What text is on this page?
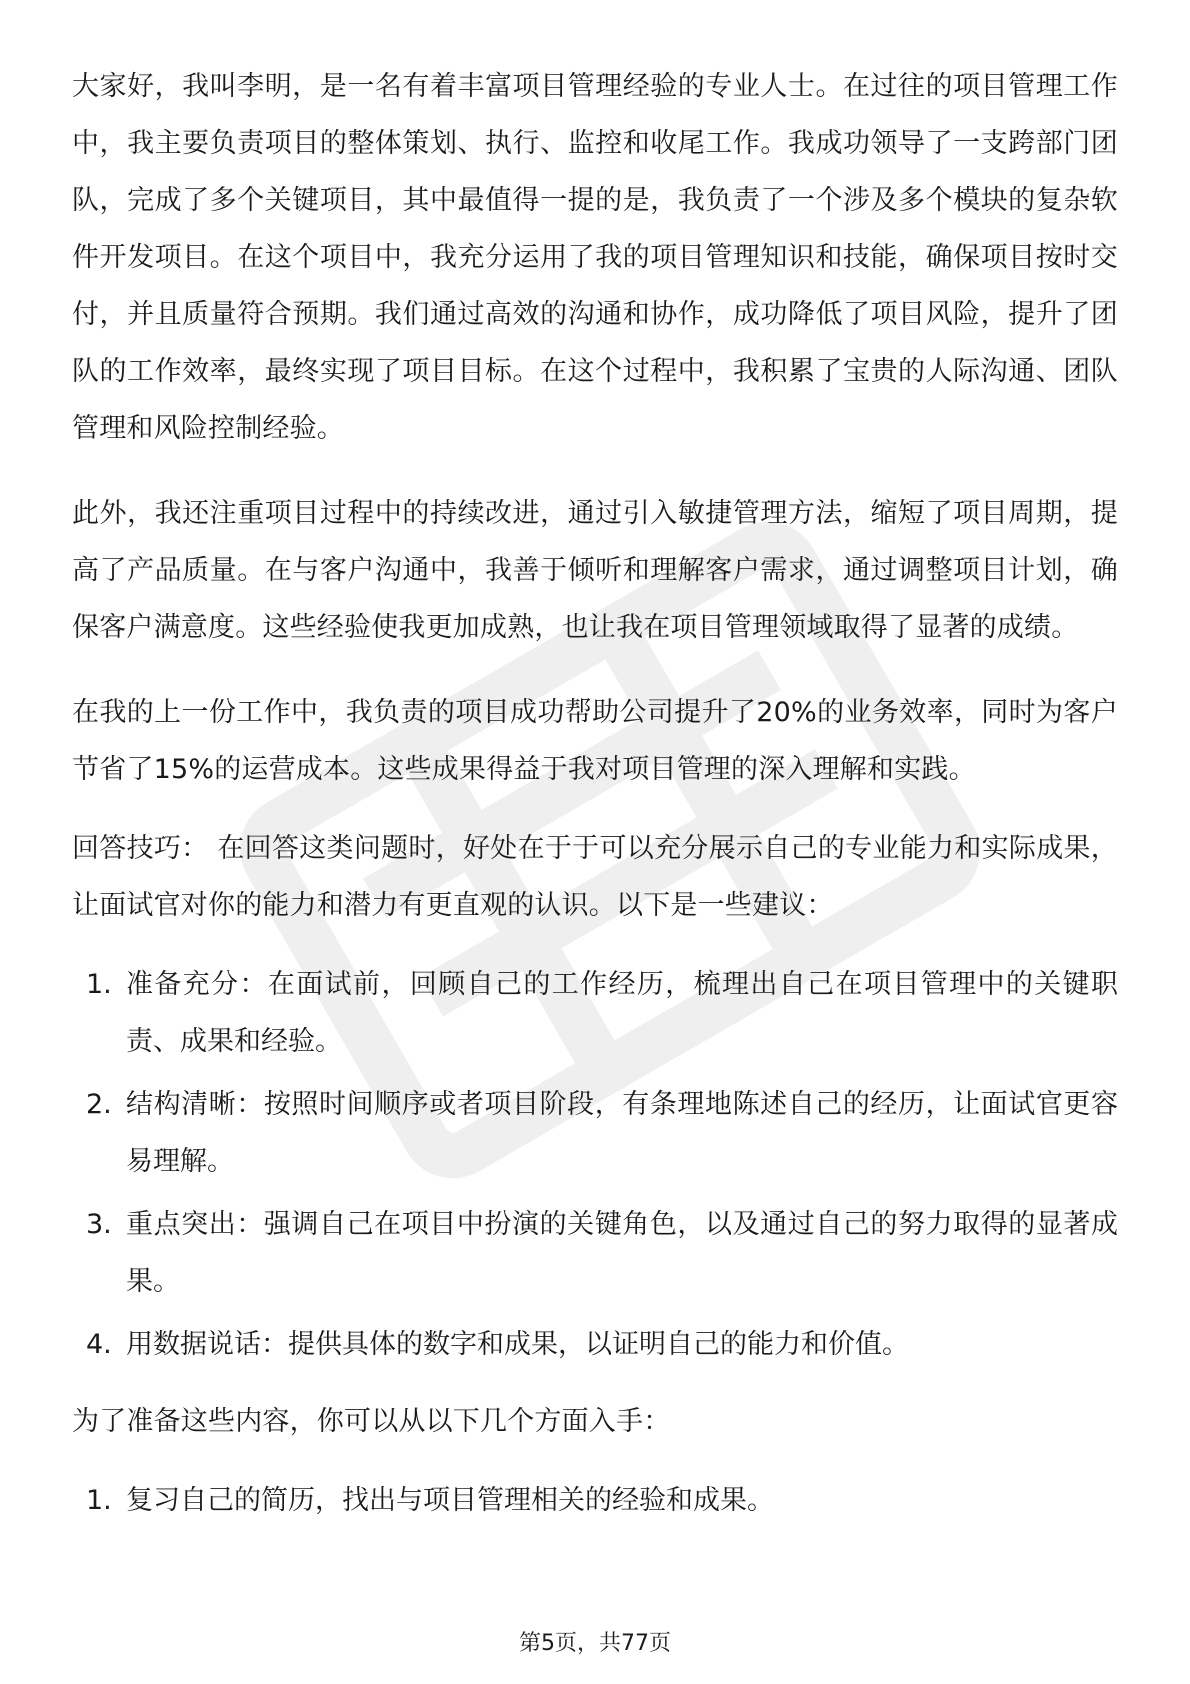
大家好，我叫李明，是一名有着丰富项目管理经验的专业人士。在过往的项目管理工作中，我主要负责项目的整体策划、执行、监控和收尾工作。我成功领导了一支跨部门团队，完成了多个关键项目，其中最值得一提的是，我负责了一个涉及多个模块的复杂软件开发项目。在这个项目中，我充分运用了我的项目管理知识和技能，确保项目按时交付，并且质量符合预期。我们通过高效的沟通和协作，成功降低了项目风险，提升了团队的工作效率，最终实现了项目目标。在这个过程中，我积累了宝贵的人际沟通、团队管理和风险控制经验。

此外，我还注重项目过程中的持续改进，通过引入敏捷管理方法，缩短了项目周期，提高了产品质量。在与客户沟通中，我善于倾听和理解客户需求，通过调整项目计划，确保客户满意度。这些经验使我更加成熟，也让我在项目管理领域取得了显著的成绩。

在我的上一份工作中，我负责的项目成功帮助公司提升了20%的业务效率，同时为客户节省了15%的运营成本。这些成果得益于我对项目管理的深入理解和实践。

回答技巧： 在回答这类问题时，好处在于于可以充分展示自己的专业能力和实际成果，让面试官对你的能力和潜力有更直观的认识。以下是一些建议：

1. 准备充分：在面试前，回顾自己的工作经历，梳理出自己在项目管理中的关键职责、成果和经验。
2. 结构清晰：按照时间顺序或者项目阶段，有条理地陈述自己的经历，让面试官更容易理解。
3. 重点突出：强调自己在项目中扮演的关键角色，以及通过自己的努力取得的显著成果。
4. 用数据说话：提供具体的数字和成果，以证明自己的能力和价值。

为了准备这些内容，你可以从以下几个方面入手：

1. 复习自己的简历，找出与项目管理相关的经验和成果。
第5页，共77页
